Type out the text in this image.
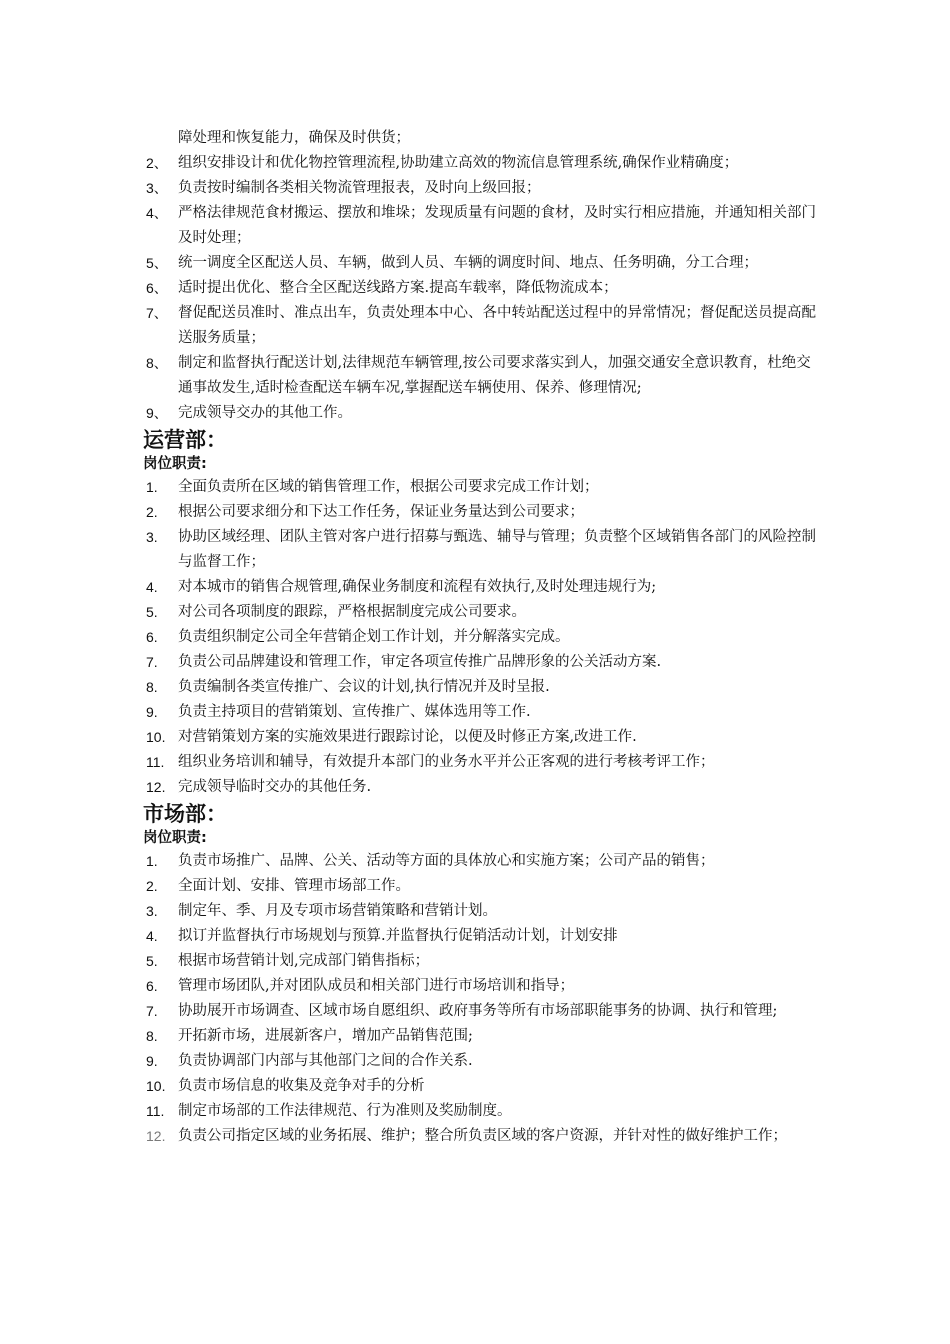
障处理和恢复能力，确保及时供货；
2、 组织安排设计和优化物控管理流程,协助建立高效的物流信息管理系统,确保作业精确度；
3、 负责按时编制各类相关物流管理报表，及时向上级回报；
4、 严格法律规范食材搬运、摆放和堆垛；发现质量有问题的食材，及时实行相应措施，并通知相关部门及时处理；
5、 统一调度全区配送人员、车辆，做到人员、车辆的调度时间、地点、任务明确，分工合理；
6、 适时提出优化、整合全区配送线路方案.提高车载率，降低物流成本；
7、 督促配送员准时、准点出车，负责处理本中心、各中转站配送过程中的异常情况；督促配送员提高配送服务质量；
8、 制定和监督执行配送计划,法律规范车辆管理,按公司要求落实到人，加强交通安全意识教育，杜绝交通事故发生,适时检查配送车辆车况,掌握配送车辆使用、保养、修理情况;
9、 完成领导交办的其他工作。
运营部：
岗位职责:
1. 全面负责所在区域的销售管理工作，根据公司要求完成工作计划；
2. 根据公司要求细分和下达工作任务，保证业务量达到公司要求；
3. 协助区域经理、团队主管对客户进行招募与甄选、辅导与管理；负责整个区域销售各部门的风险控制与监督工作；
4. 对本城市的销售合规管理,确保业务制度和流程有效执行,及时处理违规行为;
5. 对公司各项制度的跟踪，严格根据制度完成公司要求。
6. 负责组织制定公司全年营销企划工作计划，并分解落实完成。
7. 负责公司品牌建设和管理工作，审定各项宣传推广品牌形象的公关活动方案.
8. 负责编制各类宣传推广、会议的计划,执行情况并及时呈报.
9. 负责主持项目的营销策划、宣传推广、媒体选用等工作.
10. 对营销策划方案的实施效果进行跟踪讨论，以便及时修正方案,改进工作.
11. 组织业务培训和辅导，有效提升本部门的业务水平并公正客观的进行考核考评工作；
12. 完成领导临时交办的其他任务.
市场部：
岗位职责:
1. 负责市场推广、品牌、公关、活动等方面的具体放心和实施方案；公司产品的销售；
2. 全面计划、安排、管理市场部工作。
3. 制定年、季、月及专项市场营销策略和营销计划。
4. 拟订并监督执行市场规划与预算.并监督执行促销活动计划，计划安排
5. 根据市场营销计划,完成部门销售指标；
6. 管理市场团队,并对团队成员和相关部门进行市场培训和指导；
7. 协助展开市场调查、区域市场自愿组织、政府事务等所有市场部职能事务的协调、执行和管理;
8. 开拓新市场，进展新客户，增加产品销售范围;
9. 负责协调部门内部与其他部门之间的合作关系.
10. 负责市场信息的收集及竞争对手的分析
11. 制定市场部的工作法律规范、行为准则及奖励制度。
12. 负责公司指定区域的业务拓展、维护；整合所负责区域的客户资源，并针对性的做好维护工作；
